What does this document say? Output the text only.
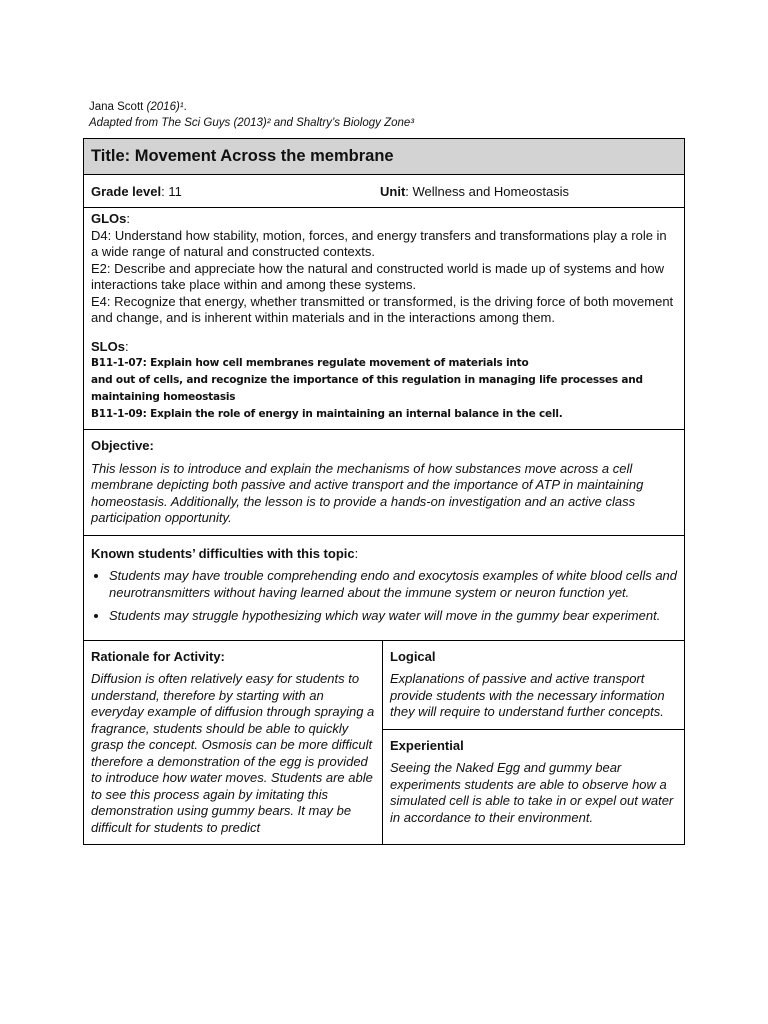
Jana Scott (2016)¹.
Adapted from The Sci Guys (2013)² and Shaltry’s Biology Zone³
Title: Movement Across the membrane
Grade level: 11	Unit: Wellness and Homeostasis
GLOs:
D4: Understand how stability, motion, forces, and energy transfers and transformations play a role in a wide range of natural and constructed contexts.
E2: Describe and appreciate how the natural and constructed world is made up of systems and how interactions take place within and among these systems.
E4: Recognize that energy, whether transmitted or transformed, is the driving force of both movement and change, and is inherent within materials and in the interactions among them.
SLOs:
B11-1-07: Explain how cell membranes regulate movement of materials into
and out of cells, and recognize the importance of this regulation in managing life processes and
maintaining homeostasis
B11-1-09: Explain the role of energy in maintaining an internal balance in the cell.
Objective:
This lesson is to introduce and explain the mechanisms of how substances move across a cell membrane depicting both passive and active transport and the importance of ATP in maintaining homeostasis. Additionally, the lesson is to provide a hands-on investigation and an active class participation opportunity.
Known students’ difficulties with this topic:
• Students may have trouble comprehending endo and exocytosis examples of white blood cells and neurotransmitters without having learned about the immune system or neuron function yet.
• Students may struggle hypothesizing which way water will move in the gummy bear experiment.
Rationale for Activity:
Diffusion is often relatively easy for students to understand, therefore by starting with an everyday example of diffusion through spraying a fragrance, students should be able to quickly grasp the concept. Osmosis can be more difficult therefore a demonstration of the egg is provided to introduce how water moves. Students are able to see this process again by imitating this demonstration using gummy bears. It may be difficult for students to predict
Logical
Explanations of passive and active transport provide students with the necessary information they will require to understand further concepts.
Experiential
Seeing the Naked Egg and gummy bear experiments students are able to observe how a simulated cell is able to take in or expel out water in accordance to their environment.
